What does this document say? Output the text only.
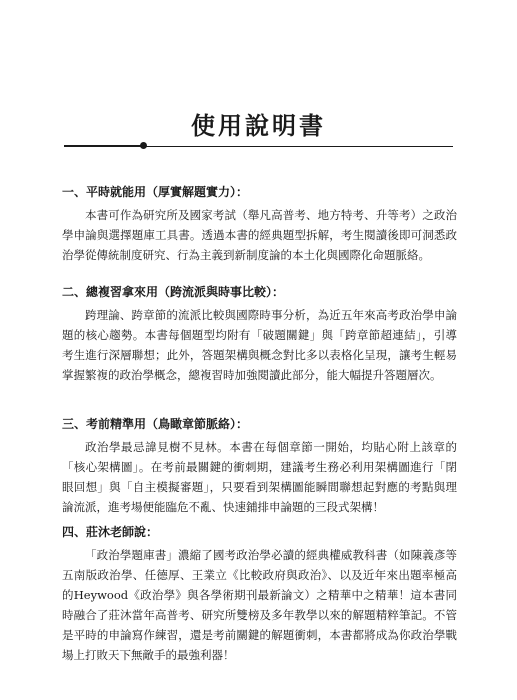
使用說明書

一、平時就能用（厚實解題實力）：

本書可作為研究所及國家考試（舉凡高普考、地方特考、升等考）之政治學申論與選擇題庫工具書。透過本書的經典題型拆解，考生閱讀後即可洞悉政治學從傳統制度研究、行為主義到新制度論的本土化與國際化命題脈絡。

二、總複習拿來用（跨流派與時事比較）：

跨理論、跨章節的流派比較與國際時事分析，為近五年來高考政治學申論題的核心趨勢。本書每個題型均附有「破題關鍵」與「跨章節超連結」，引導考生進行深層聯想；此外，答題架構與概念對比多以表格化呈現，讓考生輕易掌握繁複的政治學概念，總複習時加強閱讀此部分，能大幅提升答題層次。

三、考前精準用（鳥瞰章節脈絡）：

政治學最忌諱見樹不見林。本書在每個章節一開始，均貼心附上該章的「核心架構圖」。在考前最關鍵的衝刺期，建議考生務必利用架構圖進行「閉眼回想」與「自主模擬審題」，只要看到架構圖能瞬間聯想起對應的考點與理論流派，進考場便能臨危不亂、快速鋪排申論題的三段式架構！

四、莊沐老師說：

「政治學題庫書」濃縮了國考政治學必讀的經典權威教科書（如陳義彥等五南版政治學、任德厚、王業立《比較政府與政治》、以及近年來出題率極高的Heywood《政治學》與各學術期刊最新論文）之精華中之精華！這本書同時融合了莊沐當年高普考、研究所雙榜及多年教學以來的解題精粹筆記。不管是平時的申論寫作練習，還是考前關鍵的解題衝刺，本書都將成為你政治學戰場上打敗天下無敵手的最強利器！
